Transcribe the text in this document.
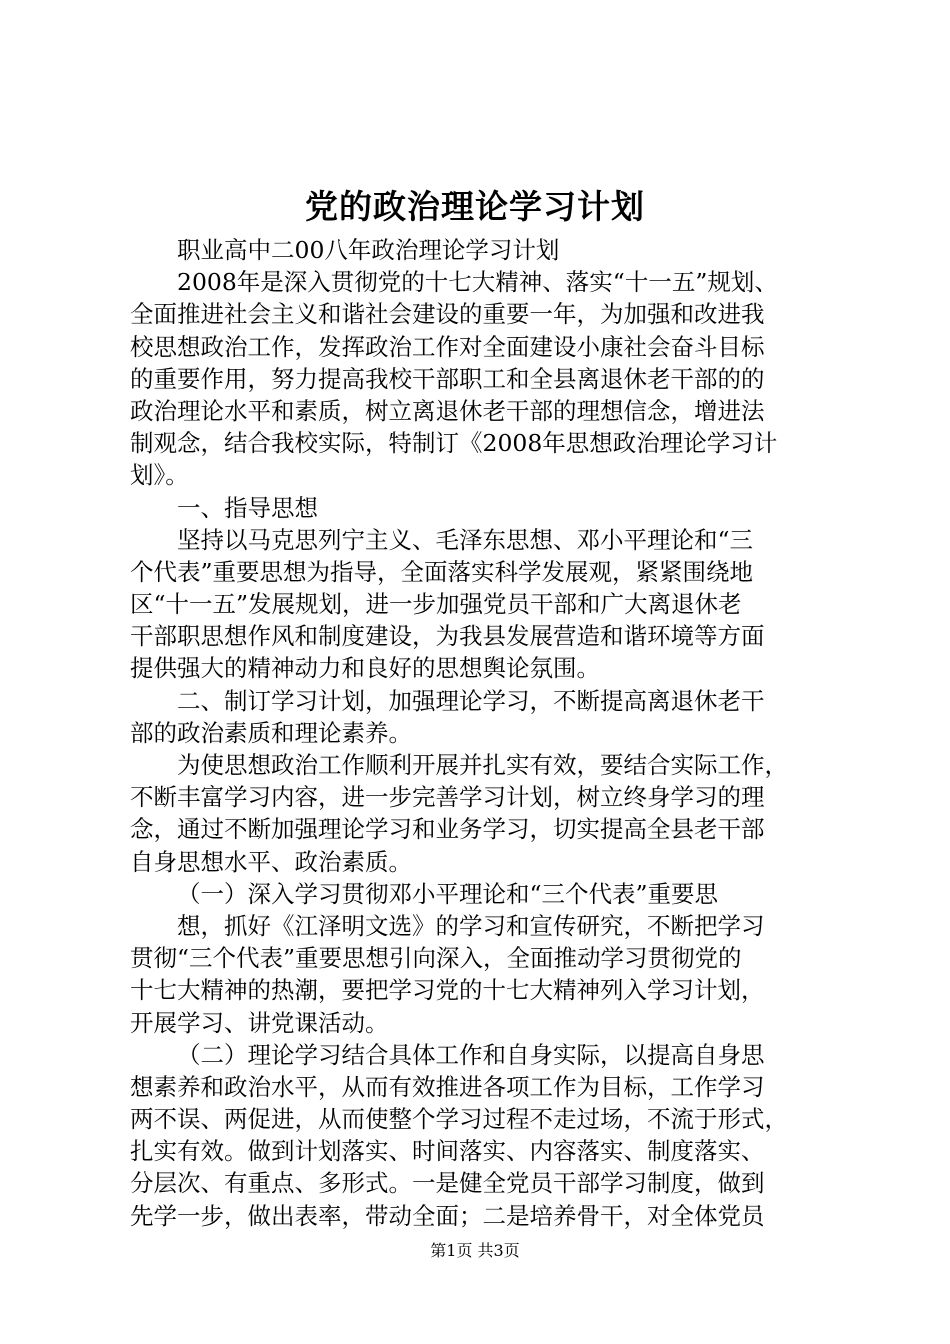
党的政治理论学习计划
职业高中二00八年政治理论学习计划
2008年是深入贯彻党的十七大精神、落实“十一五”规划、
全面推进社会主义和谐社会建设的重要一年，为加强和改进我
校思想政治工作，发挥政治工作对全面建设小康社会奋斗目标
的重要作用，努力提高我校干部职工和全县离退休老干部的的
政治理论水平和素质，树立离退休老干部的理想信念，增进法
制观念，结合我校实际，特制订《2008年思想政治理论学习计
划》。
一、指导思想
坚持以马克思列宁主义、毛泽东思想、邓小平理论和“三
个代表”重要思想为指导，全面落实科学发展观，紧紧围绕地
区“十一五”发展规划，进一步加强党员干部和广大离退休老
干部职思想作风和制度建设，为我县发展营造和谐环境等方面
提供强大的精神动力和良好的思想舆论氛围。
二、制订学习计划，加强理论学习，不断提高离退休老干
部的政治素质和理论素养。
为使思想政治工作顺利开展并扎实有效，要结合实际工作，
不断丰富学习内容，进一步完善学习计划，树立终身学习的理
念，通过不断加强理论学习和业务学习，切实提高全县老干部
自身思想水平、政治素质。
（一）深入学习贯彻邓小平理论和“三个代表”重要思
想，抓好《江泽明文选》的学习和宣传研究，不断把学习
贯彻“三个代表”重要思想引向深入，全面推动学习贯彻党的
十七大精神的热潮，要把学习党的十七大精神列入学习计划，
开展学习、讲党课活动。
（二）理论学习结合具体工作和自身实际，以提高自身思
想素养和政治水平，从而有效推进各项工作为目标，工作学习
两不误、两促进，从而使整个学习过程不走过场，不流于形式，
扎实有效。做到计划落实、时间落实、内容落实、制度落实、
分层次、有重点、多形式。一是健全党员干部学习制度，做到
先学一步，做出表率，带动全面；二是培养骨干，对全体党员
第1页 共3页
